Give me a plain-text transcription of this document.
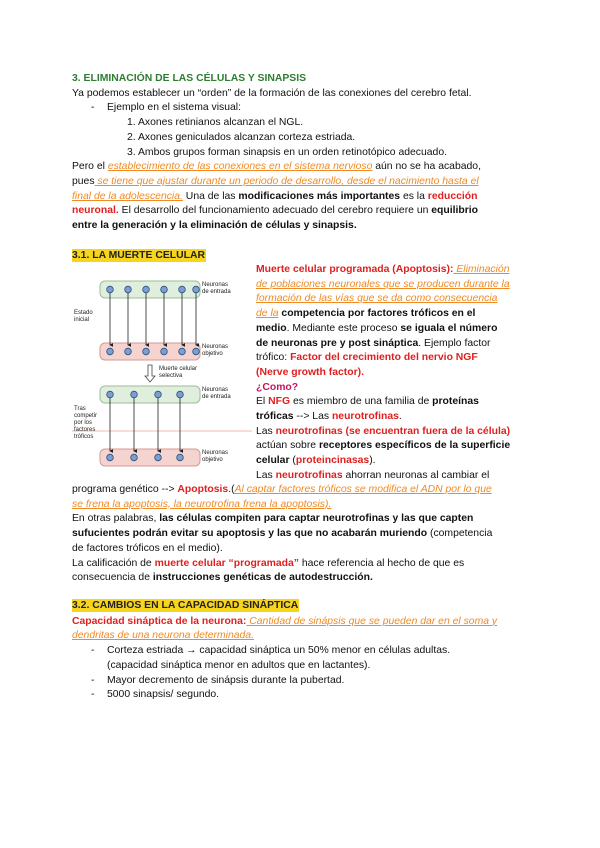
3. ELIMINACIÓN DE LAS CÉLULAS Y SINAPSIS
Ya podemos establecer un “orden” de la formación de las conexiones del cerebro fetal.
- Ejemplo en el sistema visual:
1. Axones retinianos alcanzan el NGL.
2. Axones geniculados alcanzan corteza estriada.
3. Ambos grupos forman sinapsis en un orden retinotópico adecuado.
Pero el establecimiento de las conexiones en el sistema nervioso aún no se ha acabado,
pues se tiene que ajustar durante un periodo de desarrollo, desde el nacimiento hasta el
final de la adolescencia. Una de las modificaciones más importantes es la reducción
neuronal. El desarrollo del funcionamiento adecuado del cerebro requiere un equilibrio
entre la generación y la eliminación de células y sinapsis.
3.1. LA MUERTE CELULAR
Neuronas de entrada
Estado inicial
Neuronas objetivo
Muerte celular selectiva
Neuronas de entrada
Tras competir por los factores tróficos
Neuronas objetivo
Muerte celular programada (Apoptosis): Eliminación
de poblaciones neuronales que se producen durante la
formación de las vías que se da como consecuencia
de la competencia por factores tróficos en el
medio. Mediante este proceso se iguala el número
de neuronas pre y post sináptica. Ejemplo factor
trófico: Factor del crecimiento del nervio NGF
(Nerve growth factor).
¿Como?
El NFG es miembro de una familia de proteínas
tróficas --> Las neurotrofinas.
Las neurotrofinas (se encuentran fuera de la célula)
actúan sobre receptores específicos de la superficie
celular (proteincinasas).
Las neurotrofinas ahorran neuronas al cambiar el
programa genético --> Apoptosis.(Al captar factores tróficos se modifica el ADN por lo que
se frena la apoptosis, la neurotrofina frena la apoptosis).
En otras palabras, las células compiten para captar neurotrofinas y las que capten
sufucientes podrán evitar su apoptosis y las que no acabarán muriendo (competencia
de factores tróficos en el medio).
La calificación de muerte celular “programada” hace referencia al hecho de que es
consecuencia de instrucciones genéticas de autodestrucción.
3.2. CAMBIOS EN LA CAPACIDAD SINÁPTICA
Capacidad sináptica de la neurona: Cantidad de sinápsis que se pueden dar en el soma y
dendritas de una neurona determinada.
- Corteza estriada → capacidad sináptica un 50% menor en células adultas.
(capacidad sináptica menor en adultos que en lactantes).
- Mayor decremento de sinápsis durante la pubertad.
- 5000 sinapsis/ segundo.
